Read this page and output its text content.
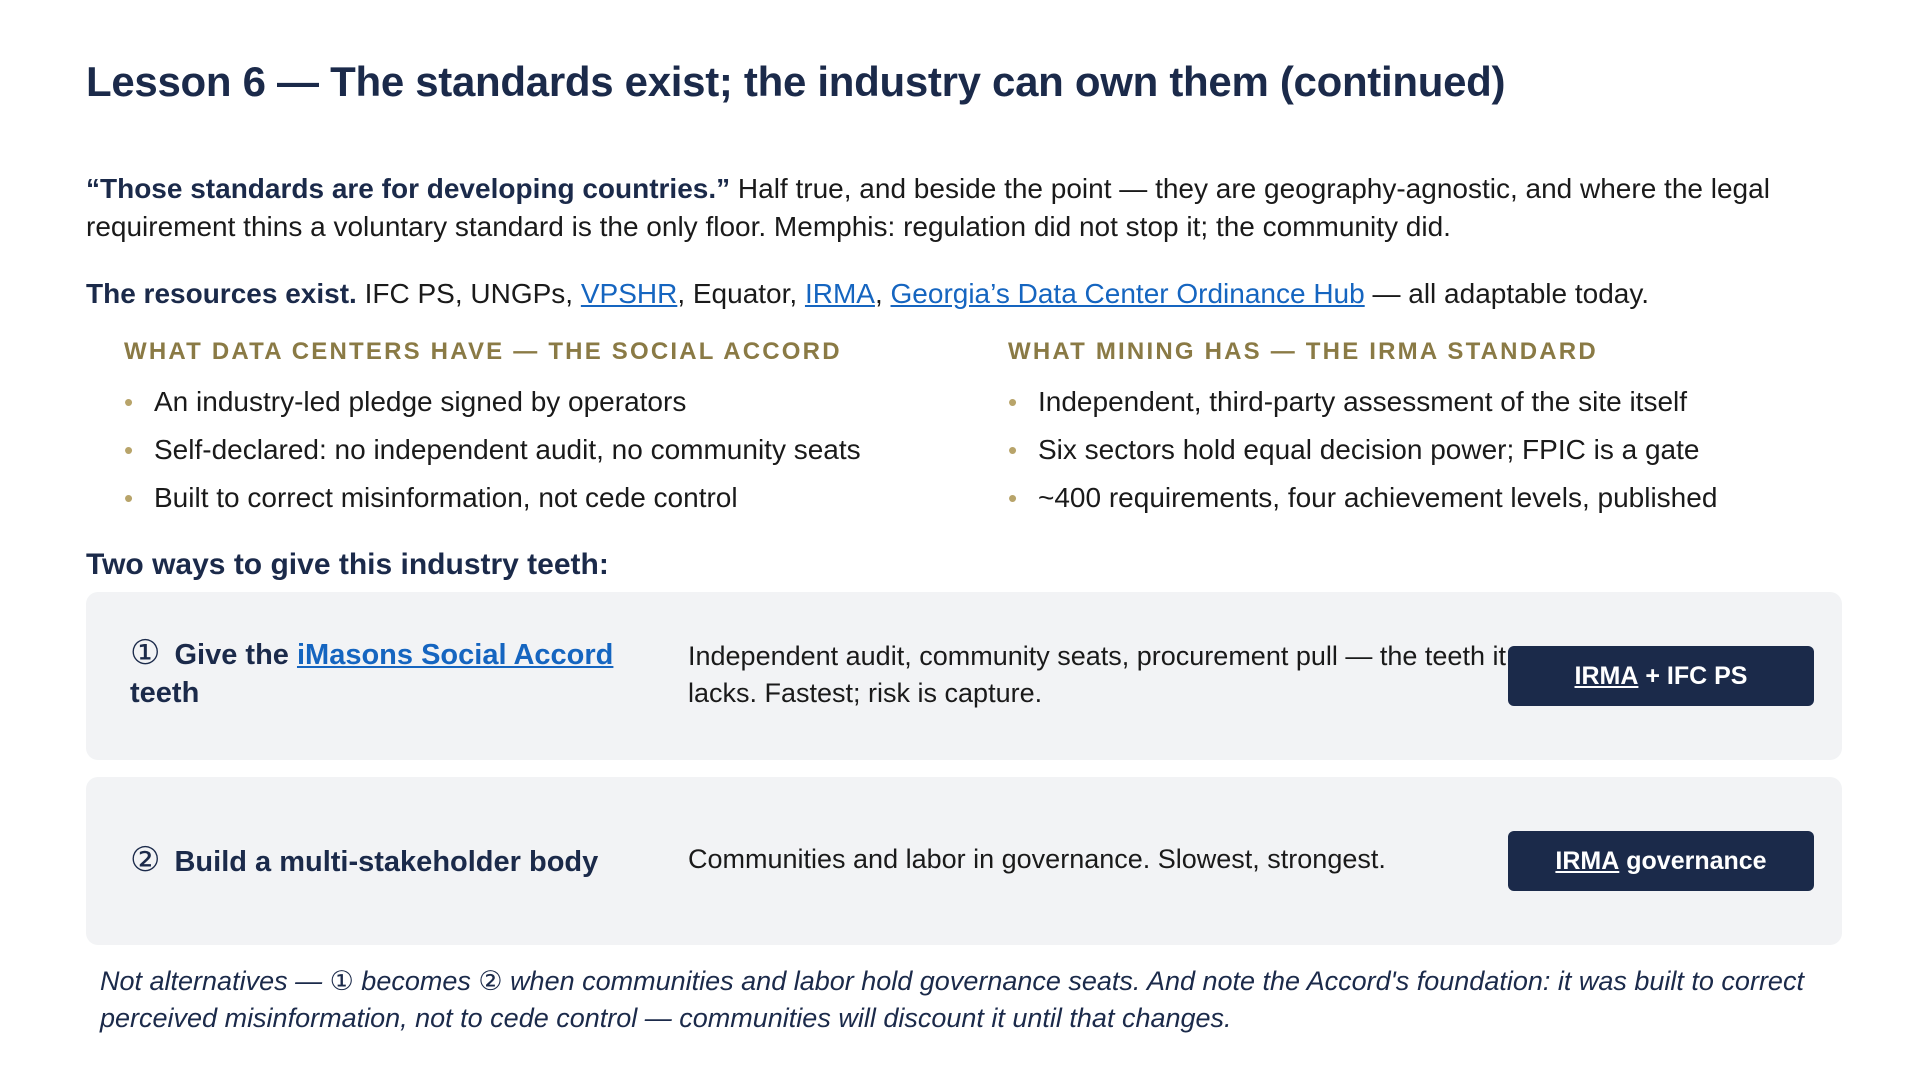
Lesson 6 — The standards exist; the industry can own them (continued)
“Those standards are for developing countries.” Half true, and beside the point — they are geography-agnostic, and where the legal requirement thins a voluntary standard is the only floor. Memphis: regulation did not stop it; the community did.
The resources exist. IFC PS, UNGPs, VPSHR, Equator, IRMA, Georgia’s Data Center Ordinance Hub — all adaptable today.
WHAT DATA CENTERS HAVE — THE SOCIAL ACCORD
• An industry-led pledge signed by operators
• Self-declared: no independent audit, no community seats
• Built to correct misinformation, not cede control
WHAT MINING HAS — THE IRMA STANDARD
• Independent, third-party assessment of the site itself
• Six sectors hold equal decision power; FPIC is a gate
• ~400 requirements, four achievement levels, published
Two ways to give this industry teeth:
① Give the iMasons Social Accord teeth
Independent audit, community seats, procurement pull — the teeth it lacks. Fastest; risk is capture.
IRMA + IFC PS
② Build a multi-stakeholder body	Communities and labor in governance. Slowest, strongest.	IRMA governance
Not alternatives — ① becomes ② when communities and labor hold governance seats. And note the Accord's foundation: it was built to correct perceived misinformation, not to cede control — communities will discount it until that changes.
